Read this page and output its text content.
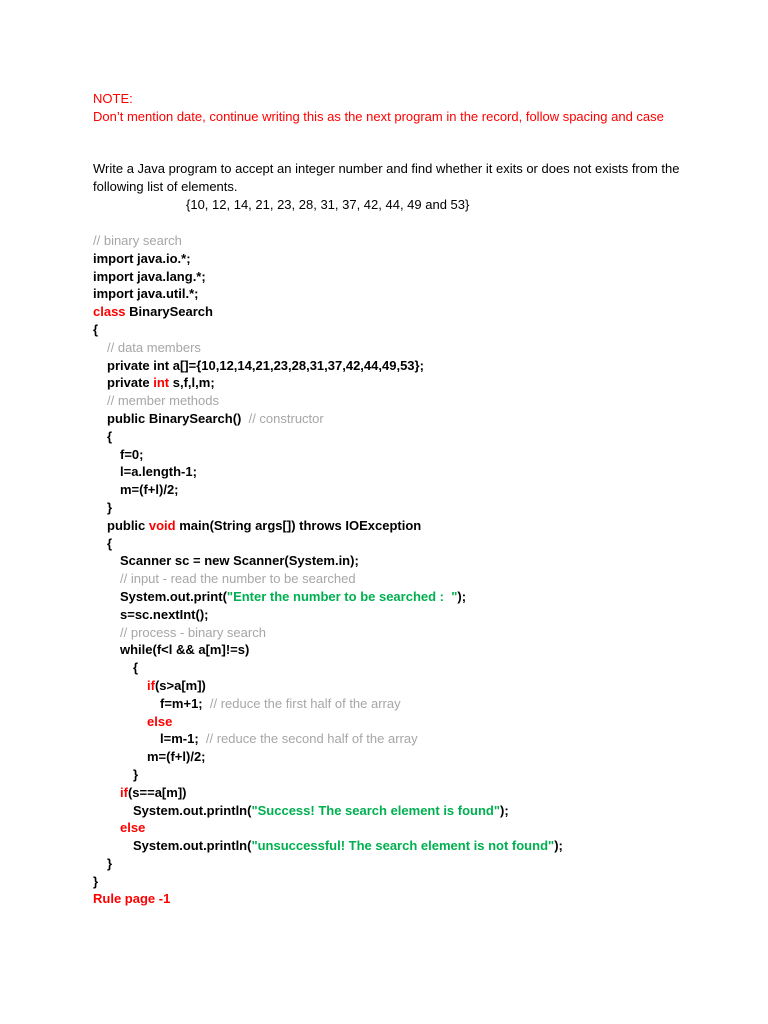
NOTE:
Don’t mention date, continue writing this as the next program in the record, follow spacing and case
Write a Java program to accept an integer number and find whether it exits or does not exists from the following list of elements.
{10, 12, 14, 21, 23, 28, 31, 37, 42, 44, 49 and 53}
// binary search
import java.io.*;
import java.lang.*;
import java.util.*;
class BinarySearch
{
// data members
private int a[]={10,12,14,21,23,28,31,37,42,44,49,53};
private int s,f,l,m;
// member methods
public BinarySearch()  // constructor
{
f=0;
l=a.length-1;
m=(f+l)/2;
}
public void main(String args[]) throws IOException
{
Scanner sc = new Scanner(System.in);
// input - read the number to be searched
System.out.print("Enter the number to be searched :  ");
s=sc.nextInt();
// process - binary search
while(f<l && a[m]!=s)
{
if(s>a[m])
f=m+1;  // reduce the first half of the array
else
l=m-1;  // reduce the second half of the array
m=(f+l)/2;
}
if(s==a[m])
System.out.println("Success! The search element is found");
else
System.out.println("unsuccessful! The search element is not found");
}
}
Rule page -1
